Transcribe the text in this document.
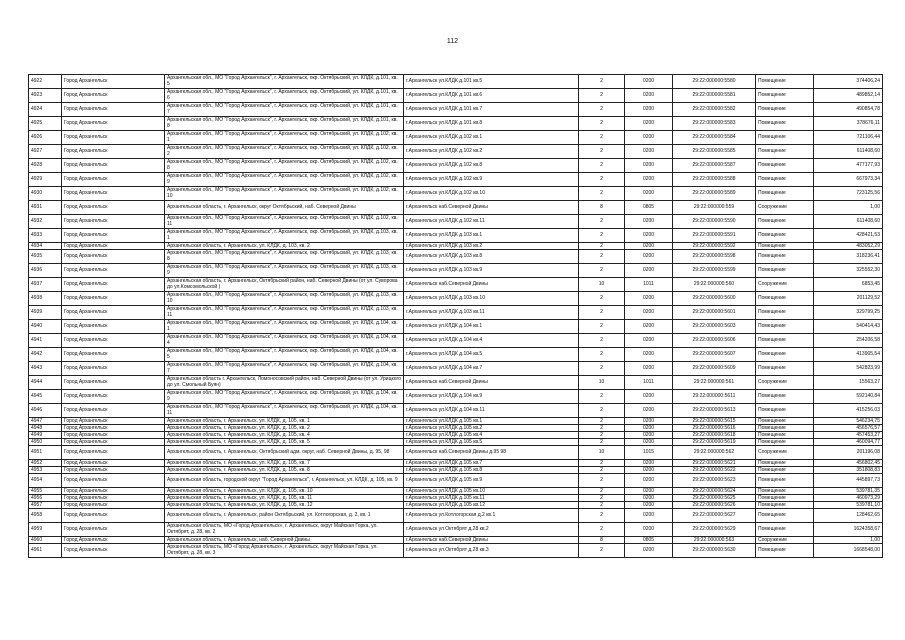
112
4922	Город Архангельск	Архангельская обл., МО "Город Архангельск", г. Архангельск, окр. Октябрьский, ул. КЛДК, д.101, кв. 5	г.Архангельск ул.КЛДК д.101 кв.5	2	0200	29:22:000000:5580	Помещение	374406,24
4923	Город Архангельск	Архангельская обл., МО "Город Архангельск", г. Архангельск, окр. Октябрьский, ул. КЛДК, д.101, кв. 6	г.Архангельск ул.КЛДК д.101 кв.6	2	0200	29:22:000000:5581	Помещение	489852,14
4924	Город Архангельск	Архангельская обл., МО "Город Архангельск", г. Архангельск, окр. Октябрьский, ул. КЛДК, д.101, кв. 7	г.Архангельск ул.КЛДК д.101 кв.7	2	0200	29:22:000000:5582	Помещение	490854,78
4925	Город Архангельск	Архангельская обл., МО "Город Архангельск", г. Архангельск, окр. Октябрьский, ул. КЛДК, д.101, кв. 8	г.Архангельск ул.КЛДК д.101 кв.8	2	0200	29:22:000000:5583	Помещение	378676,11
4926	Город Архангельск	Архангельская обл., МО "Город Архангельск", г. Архангельск, окр. Октябрьский, ул. КЛДК, д.102, кв. 1	г.Архангельск ул.КЛДК д.102 кв.1	2	0200	29:22:000000:5584	Помещение	721106,44
4927	Город Архангельск	Архангельская обл., МО "Город Архангельск", г. Архангельск, окр. Октябрьский, ул. КЛДК, д.102, кв. 2	г.Архангельск ул.КЛДК д.102 кв.2	2	0200	29:22:000000:5585	Помещение	611408,60
4928	Город Архангельск	Архангельская обл., МО "Город Архангельск", г. Архангельск, окр. Октябрьский, ул. КЛДК, д.102, кв. 8	г.Архангельск ул.КЛДК д.102 кв.8	2	0200	29:22:000000:5587	Помещение	477177,93
4929	Город Архангельск	Архангельская обл., МО "Город Архангельск", г. Архангельск, окр. Октябрьский, ул. КЛДК, д.102, кв. 9	г.Архангельск ул.КЛДК д.102 кв.9	2	0200	29:22:000000:5588	Помещение	667973,34
4930	Город Архангельск	Архангельская обл., МО "Город Архангельск", г. Архангельск, окр. Октябрьский, ул. КЛДК, д.102, кв. 10	г.Архангельск ул.КЛДК д.102 кв.10	2	0200	29:22:000000:5589	Помещение	723125,56
4931	Город Архангельск	Архангельская область, г. Архангельск, округ Октябрьский, наб. Северной Двины	г.Архангельск наб.Северной Двины	8	0805	29:22:000000:559	Сооружение	1,00
4932	Город Архангельск	Архангельская обл., МО "Город Архангельск", г. Архангельск, окр. Октябрьский, ул. КЛДК, д.102, кв. 11	г.Архангельск ул.КЛДК д.102 кв.11	2	0200	29:22:000000:5590	Помещение	611408,60
4933	Город Архангельск	Архангельская обл., МО "Город Архангельск", г. Архангельск, окр. Октябрьский, ул. КЛДК, д.103, кв. 1	г.Архангельск ул.КЛДК д.103 кв.1	2	0200	29:22:000000:5591	Помещение	428421,53
4934	Город Архангельск	Архангельская область, г. Архангельск, ул. КЛДК, д. 103, кв. 2	г.Архангельск ул.КЛДК д.103 кв.2	2	0200	29:22:000000:5592	Помещение	483052,29
4935	Город Архангельск	Архангельская обл., МО "Город Архангельск", г. Архангельск, окр. Октябрьский, ул. КЛДК, д.103, кв. 8	г.Архангельск ул.КЛДК д.103 кв.8	2	0200	29:22:000000:5598	Помещение	318236,41
4936	Город Архангельск	Архангельская обл., МО "Город Архангельск", г. Архангельск, окр. Октябрьский, ул. КЛДК, д.103, кв. 9	г.Архангельск ул.КЛДК д.103 кв.9	2	0200	29:22:000000:5599	Помещение	325552,30
4937	Город Архангельск	Архангельская область, г. Архангельск, Октябрьский район, наб. Северной Двины (от ул. Суворова до ул.Комсомольской )	г.Архангельск наб.Северной Двины	10	1011	29:22:000000:560	Сооружение	6853,45
4938	Город Архангельск	Архангельская обл., МО "Город Архангельск", г. Архангельск, окр. Октябрьский, ул. КЛДК, д.103, кв. 10	г.Архангельск ул.КЛДК д.103 кв.10	2	0200	29:22:000000:5600	Помещение	201129,52
4939	Город Архангельск	Архангельская обл., МО "Город Архангельск", г. Архангельск, окр. Октябрьский, ул. КЛДК, д.103, кв. 11	г.Архангельск ул.КЛДК д.103 кв.11	2	0200	29:22:000000:5601	Помещение	329799,25
4940	Город Архангельск	Архангельская обл., МО "Город Архангельск", г. Архангельск, окр. Октябрьский, ул. КЛДК, д.104, кв. 1	г.Архангельск ул.КЛДК д.104 кв.1	2	0200	29:22:000000:5603	Помещение	540414,43
4941	Город Архангельск	Архангельская обл., МО "Город Архангельск", г. Архангельск, окр. Октябрьский, ул. КЛДК, д.104, кв. 4	г.Архангельск ул.КЛДК д.104 кв.4	2	0200	29:22:000000:5606	Помещение	254206,58
4942	Город Архангельск	Архангельская обл., МО "Город Архангельск", г. Архангельск, окр. Октябрьский, ул. КЛДК, д.104, кв. 5	г.Архангельск ул.КЛДК д.104 кв.5	2	0200	29:22:000000:5607	Помещение	413905,54
4943	Город Архангельск	Архангельская обл., МО "Город Архангельск", г. Архангельск, окр. Октябрьский, ул. КЛДК, д.104, кв. 7	г.Архангельск ул.КЛДК д.104 кв.7	2	0200	29:22:000000:5609	Помещение	542823,99
4944	Город Архангельск	Архангельская область г. Архангельск, Ломоносовский район, наб. Северной Двины (от ул. Урицкого до ул. Смольный Буян)	г.Архангельск наб.Северной Двины	10	1011	29:22:000000:561	Сооружение	15563,27
4945	Город Архангельск	Архангельская обл., МО "Город Архангельск", г. Архангельск, окр. Октябрьский, ул. КЛДК, д.104, кв. 9	г.Архангельск ул.КЛДК д.104 кв.9	2	0200	29:22:000000:5611	Помещение	592140,84
4946	Город Архангельск	Архангельская обл., МО "Город Архангельск", г. Архангельск, окр. Октябрьский, ул. КЛДК, д.104, кв. 11	г.Архангельск ул.КЛДК д.104 кв.11	2	0200	29:22:000000:5613	Помещение	415256,03
4947	Город Архангельск	Архангельская область, г. Архангельск, ул. КЛДК, д. 105, кв. 1	г.Архангельск ул.КЛДК д.105 кв.1	2	0200	29:22:000000:5615	Помещение	546234,75
4948	Город Архангельск	Архангельская область, г. Архангельск, ул. КЛДК, д. 105, кв. 2	г.Архангельск ул.КЛДК д.105 кв.2	2	0200	29:22:000000:5616	Помещение	456576,57
4949	Город Архангельск	Архангельская область, г. Архангельск, ул. КЛДК, д. 105, кв. 4	г.Архангельск ул.КЛДК д.105 кв.4	2	0200	29:22:000000:5618	Помещение	457453,27
4950	Город Архангельск	Архангельская область, г. Архангельск, ул. КЛДК, д. 105, кв. 5	г.Архангельск ул.КЛДК д.105 кв.5	2	0200	29:22:000000:5619	Помещение	460094,77
4951	Город Архангельск	Архангельская область, г. Архангельск, Октябрьский адм. округ, наб. Северной Двины, д. 95, 98	г.Архангельск наб.Северной Двины д.95 98	10	1015	29:22:000000:562	Сооружение	201196,08
4952	Город Архангельск	Архангельская область, г. Архангельск, ул. КЛДК, д. 105, кв. 7	г.Архангельск ул.КЛДК д.105 кв.7	2	0200	29:22:000000:5621	Помещение	456802,45
4953	Город Архангельск	Архангельская область, г. Архангельск, ул. КЛДК, д. 105, кв. 8	г.Архангельск ул.КЛДК д.105 кв.8	2	0200	29:22:000000:5622	Помещение	351808,83
4954	Город Архангельск	Архангельская область, городской округ "Город Архангельск", г. Архангельск, ул. КЛДК, д. 105, кв. 9	г.Архангельск ул.КЛДК д.105 кв.9	2	0200	29:22:000000:5623	Помещение	445897,73
4955	Город Архангельск	Архангельская область, г. Архангельск, ул. КЛДК, д. 105, кв. 10	г.Архангельск ул.КЛДК д.105 кв.10	2	0200	29:22:000000:5624	Помещение	539781,35
4956	Город Архангельск	Архангельская область, г. Архангельск, ул. КЛДК, д. 105, кв. 11	г.Архангельск ул.КЛДК д.105 кв.11	2	0200	29:22:000000:5625	Помещение	460973,29
4957	Город Архангельск	Архангельская область, г. Архангельск, ул. КЛДК, д. 105, кв. 12	г.Архангельск ул.КЛДК д.105 кв.12	2	0200	29:22:000000:5626	Помещение	539781,10
4958	Город Архангельск	Архангельская область, г. Архангельск, район Октябрьский, ул. Котлогорская, д. 2, кв. 1	г.Архангельск ул.Котлогорская д.2 кв.1	2	0200	29:22:000000:5627	Помещение	128462,65
4959	Город Архангельск	Архангельская область, МО «Город Архангельск», г. Архангельск, округ Майская Горка, ул. Октябрят, д. 28, кв. 2	г.Архангельск ул.Октябрят д.28 кв.2	2	0200	29:22:000000:5629	Помещение	1624358,67
4960	Город Архангельск	Архангельская область, г. Архангельск, наб. Северной Двины	г.Архангельск наб.Северной Двины	8	0805	29:22:000000:563	Сооружение	1,00
4961	Город Архангельск	Архангельская область, МО «Город Архангельск», г. Архангельск, округ Майская Горка, ул. Октябрят, д. 28, кв. 3	г.Архангельск ул.Октябрят д.28 кв.3	2	0200	29:22:000000:5630	Помещение	1668548,00
